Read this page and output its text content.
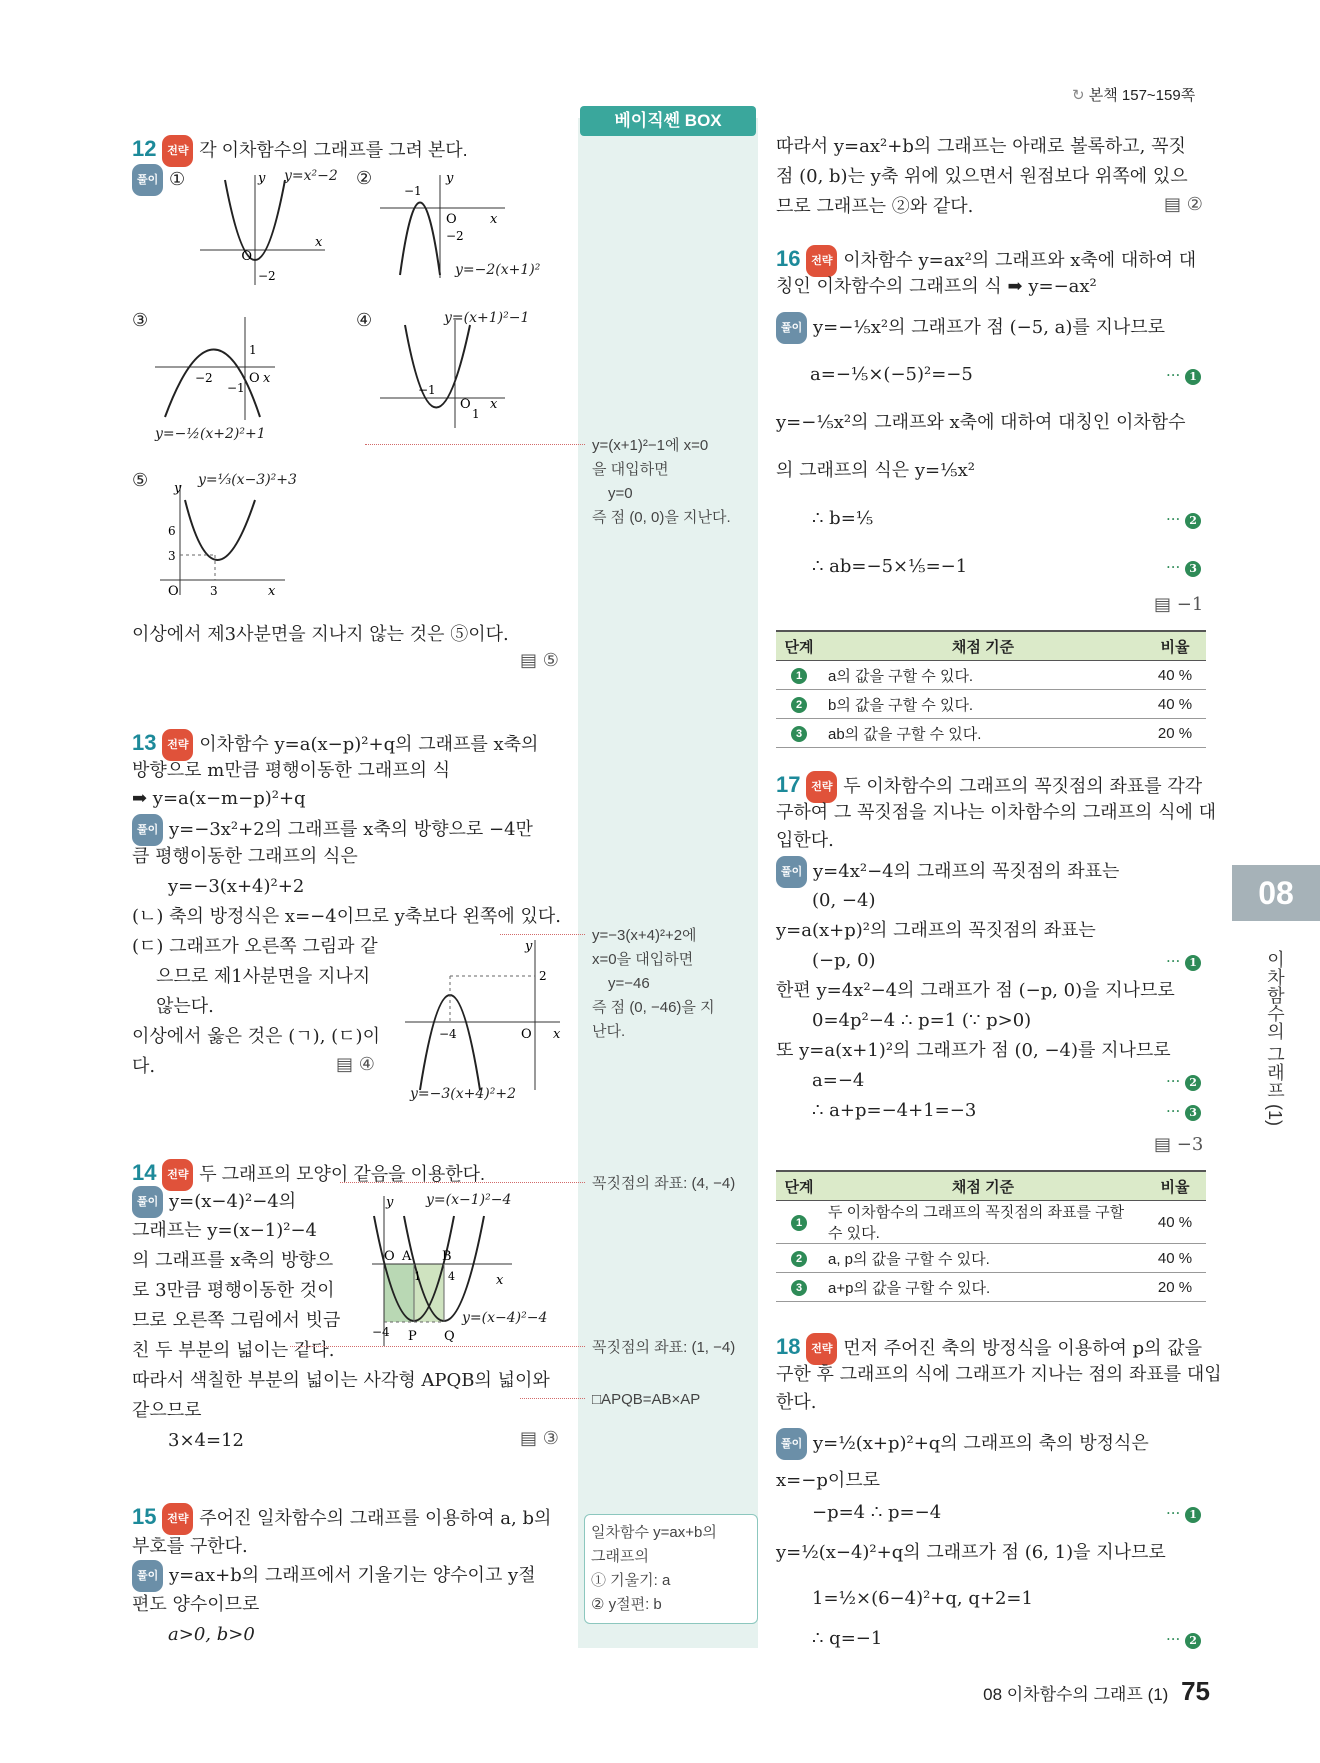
↻ 본책 157~159쪽
베이직쎈 BOX
12 전략 각 이차함수의 그래프를 그려 본다.
풀이 ①
O
x
y
−2
y=x²−2 ②
O	x
y
−1
−2
y=−2(x+1)²
③
−2
−1
O x
1
y=−½(x+2)²+1
④	y=(x+1)²−1
−1
O x
1
⑤	y=⅓(x−3)²+3
6
3
O	3	x
y
이상에서 제3사분면을 지나지 않는 것은 ⑤이다.
▤ ⑤
13 전략 이차함수 y=a(x−p)²+q의 그래프를 x축의
방향으로 m만큼 평행이동한 그래프의 식
➡ y=a(x−m−p)²+q
풀이 y=−3x²+2의 그래프를 x축의 방향으로 −4만
큼 평행이동한 그래프의 식은
y=−3(x+4)²+2
(ㄴ) 축의 방정식은 x=−4이므로 y축보다 왼쪽에 있다.
(ㄷ) 그래프가 오른쪽 그림과 같
으므로 제1사분면을 지나지
않는다.
이상에서 옳은 것은 (ㄱ), (ㄷ)이
다.	▤ ④
−4	O x
2
y
y=−3(x+4)²+2
14 전략 두 그래프의 모양이 같음을 이용한다.
풀이 y=(x−4)²−4의
그래프는 y=(x−1)²−4
의 그래프를 x축의 방향으
로 3만큼 평행이동한 것이
므로 오른쪽 그림에서 빗금
친 두 부분의 넓이는 같다.
따라서 색칠한 부분의 넓이는 사각형 APQB의 넓이와
같으므로
3×4=12	▤ ③
O A B
1 4	x
−4 P Q
y y=(x−1)²−4
y=(x−4)²−4
15 전략 주어진 일차함수의 그래프를 이용하여 a, b의
부호를 구한다.
풀이 y=ax+b의 그래프에서 기울기는 양수이고 y절
편도 양수이므로
a>0, b>0
y=(x+1)²−1에 x=0
을 대입하면
y=0
즉 점 (0, 0)을 지난다.
y=−3(x+4)²+2에
x=0을 대입하면
y=−46
즉 점 (0, −46)을 지
난다.
꼭짓점의 좌표: (4, −4)
꼭짓점의 좌표: (1, −4)
□APQB=AB×AP
일차함수 y=ax+b의
그래프의
① 기울기: a
② y절편: b
따라서 y=ax²+b의 그래프는 아래로 볼록하고, 꼭짓
점 (0, b)는 y축 위에 있으면서 원점보다 위쪽에 있으
므로 그래프는 ②와 같다.	▤ ②
16 전략 이차함수 y=ax²의 그래프와 x축에 대하여 대
칭인 이차함수의 그래프의 식 ➡ y=−ax²
풀이 y=−⅕x²의 그래프가 점 (−5, a)를 지나므로
a=−⅕×(−5)²=−5	··· 1
y=−⅕x²의 그래프와 x축에 대하여 대칭인 이차함수
의 그래프의 식은 y=⅕x²
∴ b=⅕	··· 2
∴ ab=−5×⅕=−1	··· 3
▤ −1
단계	채점 기준	비율
1	a의 값을 구할 수 있다.	40 %
2	b의 값을 구할 수 있다.	40 %
3	ab의 값을 구할 수 있다.	20 %
17 전략 두 이차함수의 그래프의 꼭짓점의 좌표를 각각
구하여 그 꼭짓점을 지나는 이차함수의 그래프의 식에 대
입한다.
풀이 y=4x²−4의 그래프의 꼭짓점의 좌표는
(0, −4)
y=a(x+p)²의 그래프의 꼭짓점의 좌표는
(−p, 0)	··· 1
한편 y=4x²−4의 그래프가 점 (−p, 0)을 지나므로
0=4p²−4 ∴ p=1 (∵ p>0)
또 y=a(x+1)²의 그래프가 점 (0, −4)를 지나므로
a=−4	··· 2
∴ a+p=−4+1=−3	··· 3
▤ −3
단계	채점 기준	비율
1	두 이차함수의 그래프의 꼭짓점의 좌표를 구할 수 있다.	40 %
2	a, p의 값을 구할 수 있다.	40 %
3	a+p의 값을 구할 수 있다.	20 %
18 전략 먼저 주어진 축의 방정식을 이용하여 p의 값을
구한 후 그래프의 식에 그래프가 지나는 점의 좌표를 대입
한다.
풀이 y=½(x+p)²+q의 그래프의 축의 방정식은
x=−p이므로
−p=4 ∴ p=−4	··· 1
y=½(x−4)²+q의 그래프가 점 (6, 1)을 지나므로
1=½×(6−4)²+q, q+2=1
∴ q=−1	··· 2
08
이차함수의 그래프 (1)
08 이차함수의 그래프 (1) 75
